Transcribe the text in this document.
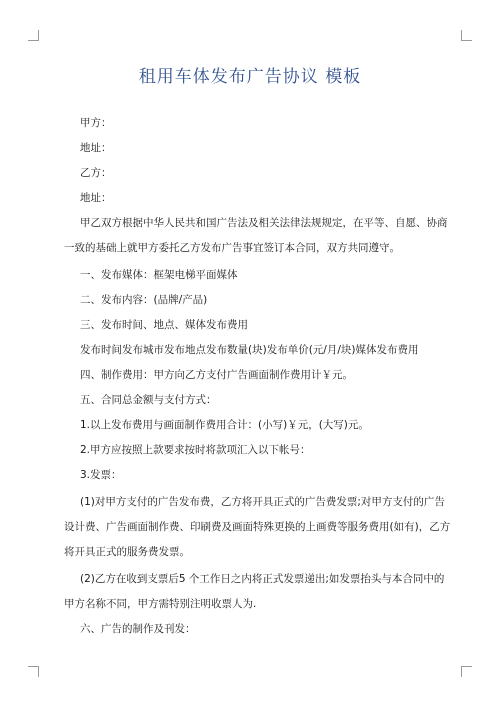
租用车体发布广告协议 模板
甲方：
地址：
乙方：
地址：
甲乙双方根据中华人民共和国广告法及相关法律法规规定，在平等、自愿、协商
一致的基础上就甲方委托乙方发布广告事宜签订本合同，双方共同遵守。
一、发布媒体：框架电梯平面媒体
二、发布内容：(品牌/产品)
三、发布时间、地点、媒体发布费用
发布时间发布城市发布地点发布数量(块)发布单价(元/月/块)媒体发布费用
四、制作费用：甲方向乙方支付广告画面制作费用计￥元。
五、合同总金额与支付方式：
1.以上发布费用与画面制作费用合计：(小写)￥元，(大写)元。
2.甲方应按照上款要求按时将款项汇入以下帐号：
3.发票：
(1)对甲方支付的广告发布费，乙方将开具正式的广告费发票;对甲方支付的广告
设计费、广告画面制作费、印刷费及画面特殊更换的上画费等服务费用(如有)，乙方
将开具正式的服务费发票。
(2)乙方在收到支票后5 个工作日之内将正式发票递出;如发票抬头与本合同中的
甲方名称不同，甲方需特别注明收票人为.
六、广告的制作及刊发：
